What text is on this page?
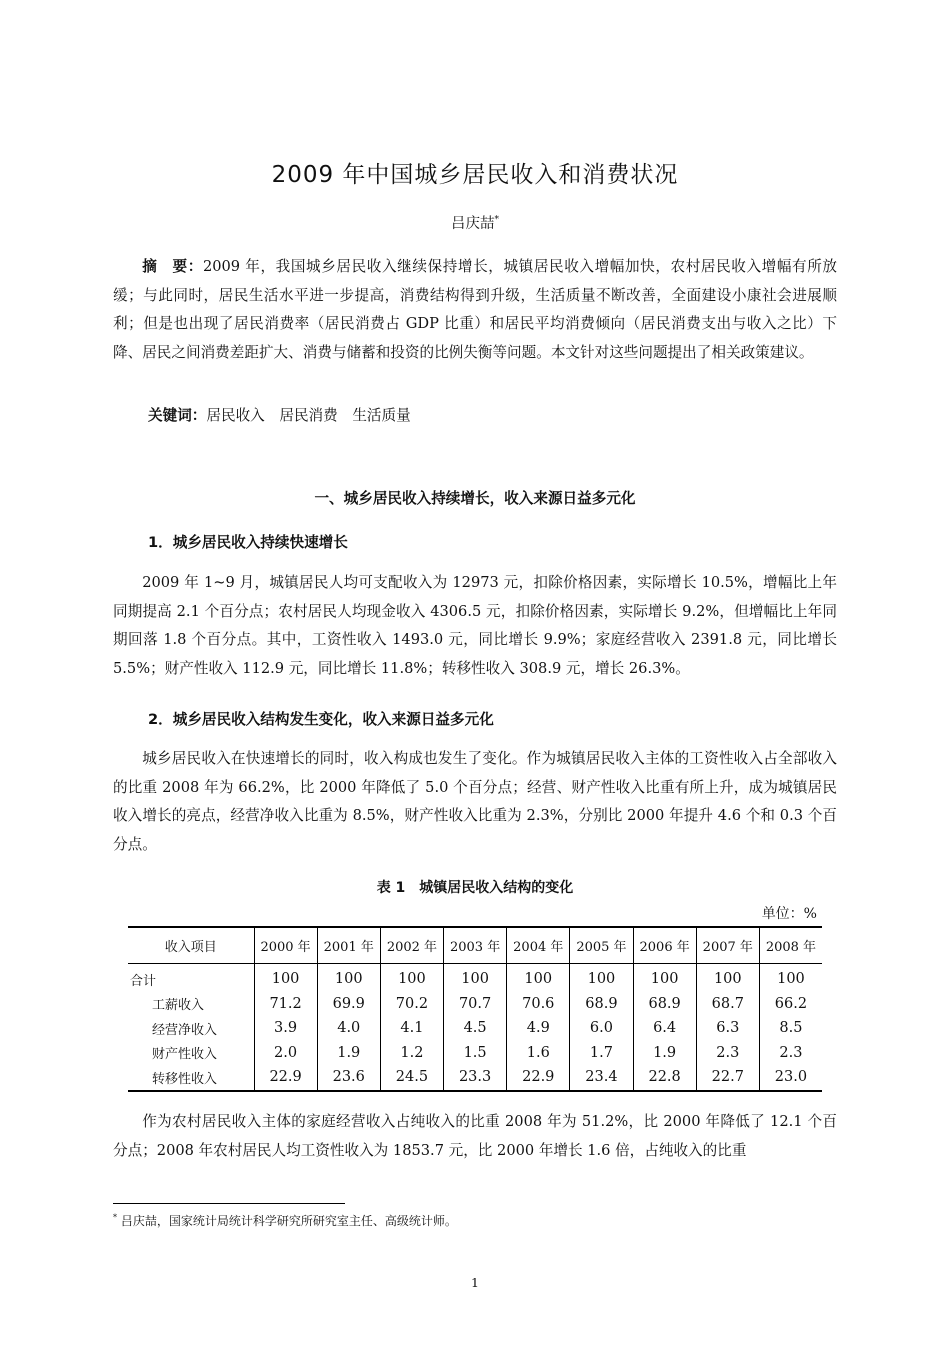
2009 年中国城乡居民收入和消费状况
吕庆喆*

摘　要：2009 年，我国城乡居民收入继续保持增长，城镇居民收入增幅加快，农村居民收入增幅有所放缓；与此同时，居民生活水平进一步提高，消费结构得到升级，生活质量不断改善，全面建设小康社会进展顺利；但是也出现了居民消费率（居民消费占 GDP 比重）和居民平均消费倾向（居民消费支出与收入之比）下降、居民之间消费差距扩大、消费与储蓄和投资的比例失衡等问题。本文针对这些问题提出了相关政策建议。

关键词：居民收入　居民消费　生活质量
一、城乡居民收入持续增长，收入来源日益多元化
1．城乡居民收入持续快速增长

2009 年 1~9 月，城镇居民人均可支配收入为 12973 元，扣除价格因素，实际增长 10.5%，增幅比上年同期提高 2.1 个百分点；农村居民人均现金收入 4306.5 元，扣除价格因素，实际增长 9.2%，但增幅比上年同期回落 1.8 个百分点。其中，工资性收入 1493.0 元，同比增长 9.9%；家庭经营收入 2391.8 元，同比增长 5.5%；财产性收入 112.9 元，同比增长 11.8%；转移性收入 308.9 元，增长 26.3%。

2．城乡居民收入结构发生变化，收入来源日益多元化

城乡居民收入在快速增长的同时，收入构成也发生了变化。作为城镇居民收入主体的工资性收入占全部收入的比重 2008 年为 66.2%，比 2000 年降低了 5.0 个百分点；经营、财产性收入比重有所上升，成为城镇居民收入增长的亮点，经营净收入比重为 8.5%，财产性收入比重为 2.3%，分别比 2000 年提升 4.6 个和 0.3 个百分点。

表 1　城镇居民收入结构的变化
单位：%
收入项目	2000 年	2001 年	2002 年	2003 年	2004 年	2005 年	2006 年	2007 年	2008 年
合计	100	100	100	100	100	100	100	100	100
工薪收入	71.2	69.9	70.2	70.7	70.6	68.9	68.9	68.7	66.2
经营净收入	3.9	4.0	4.1	4.5	4.9	6.0	6.4	6.3	8.5
财产性收入	2.0	1.9	1.2	1.5	1.6	1.7	1.9	2.3	2.3
转移性收入	22.9	23.6	24.5	23.3	22.9	23.4	22.8	22.7	23.0

作为农村居民收入主体的家庭经营收入占纯收入的比重 2008 年为 51.2%，比 2000 年降低了 12.1 个百分点；2008 年农村居民人均工资性收入为 1853.7 元，比 2000 年增长 1.6 倍，占纯收入的比重

* 吕庆喆，国家统计局统计科学研究所研究室主任、高级统计师。
1
